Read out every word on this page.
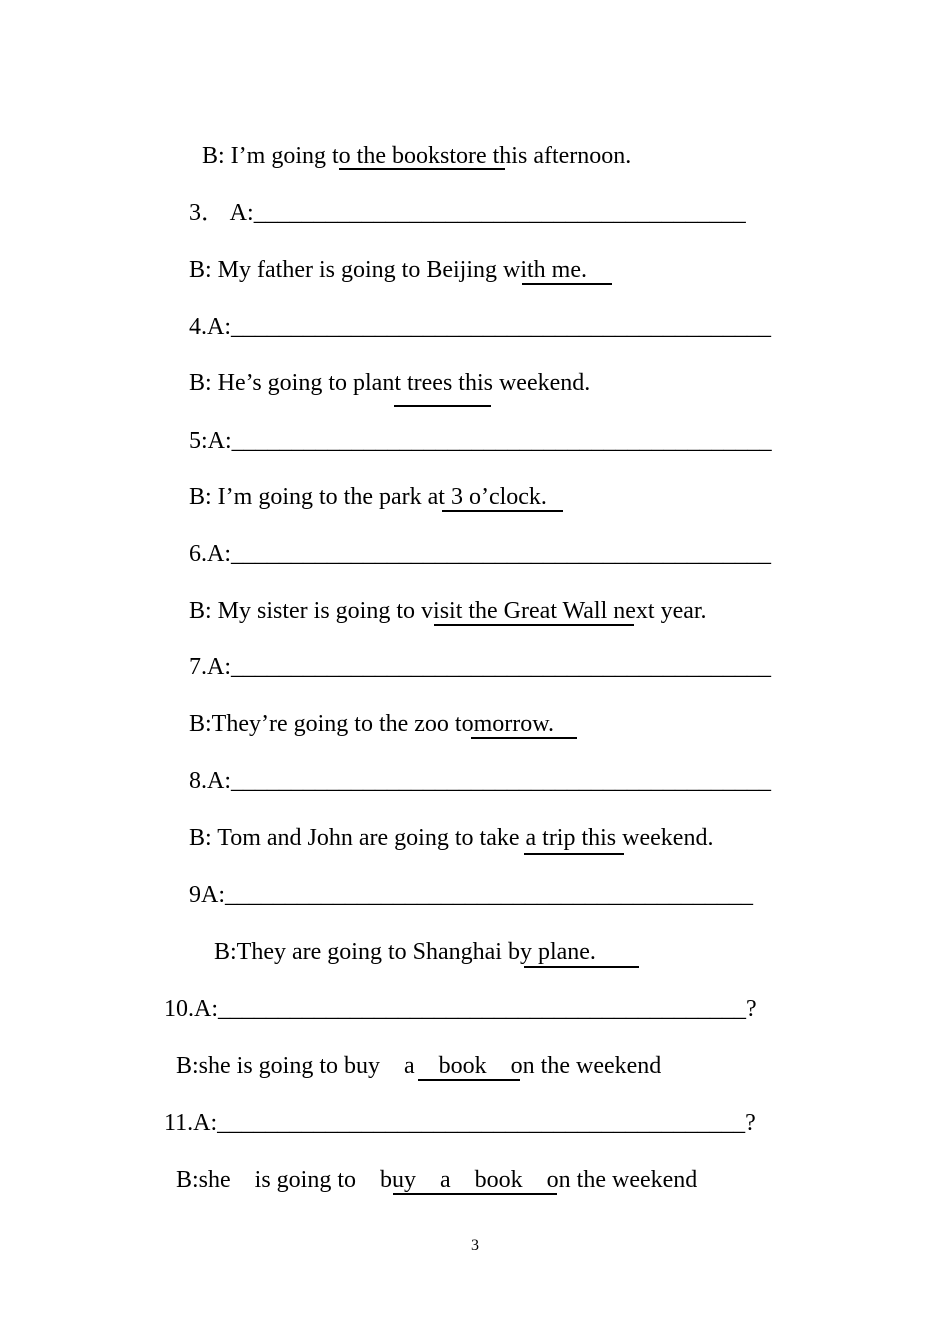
B: I’m going to the bookstore this afternoon.
3． A:_________________________________________
B: My father is going to Beijing with me.
4.A:_____________________________________________
B: He’s going to plant trees this weekend.
5:A:_____________________________________________
B: I’m going to the park at 3 o’clock.
6.A:_____________________________________________
B: My sister is going to visit the Great Wall next year.
7.A:_____________________________________________
B:They’re going to the zoo tomorrow.
8.A:_____________________________________________
B: Tom and John are going to take a trip this weekend.
9A:____________________________________________
B:They are going to Shanghai by plane.
10.A:____________________________________________?
B:she is going to buy    a    book    on the weekend
11.A:____________________________________________?
B:she    is going to    buy    a    book    on the weekend
3
